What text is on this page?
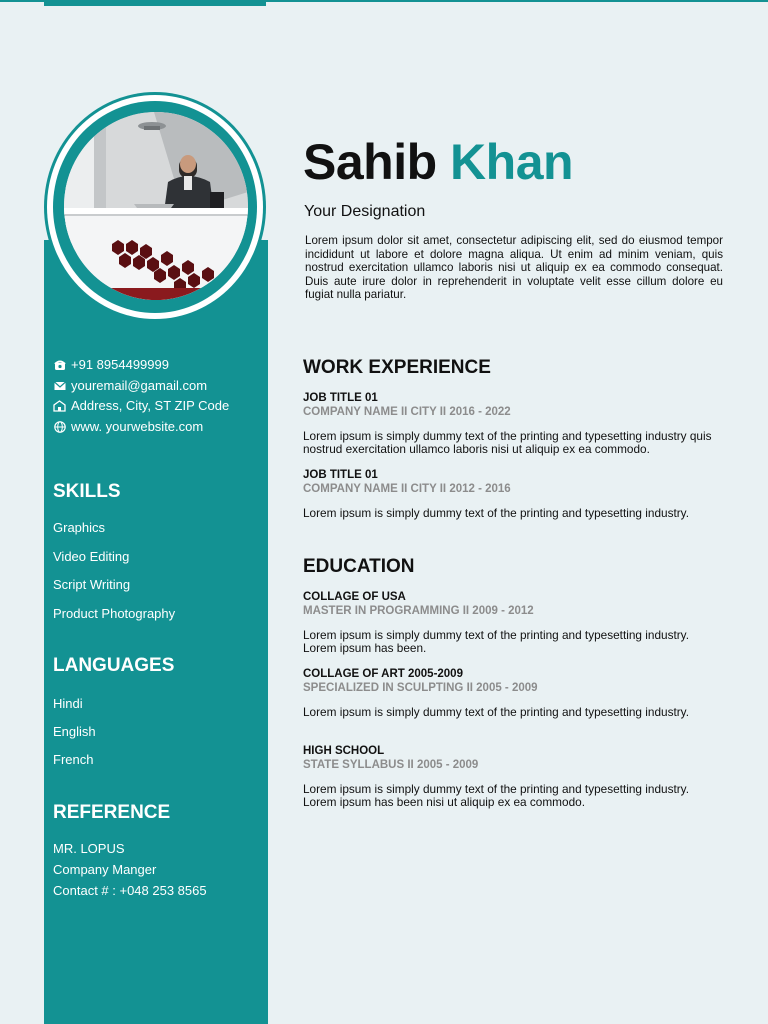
+91 8954499999
youremail@gamail.com
Address, City, ST ZIP Code
www. yourwebsite.com
SKILLS
Graphics
Video Editing
Script Writing
Product Photography
LANGUAGES
Hindi
English
French
REFERENCE
MR. LOPUS
Company Manger
Contact # : +048 253 8565
Sahib Khan
Your Designation
Lorem ipsum dolor sit amet, consectetur adipiscing elit, sed do eiusmod tempor incididunt ut labore et dolore magna aliqua. Ut enim ad minim veniam, quis nostrud exercitation ullamco laboris nisi ut aliquip ex ea commodo consequat. Duis aute irure dolor in reprehenderit in voluptate velit esse cillum dolore eu fugiat nulla pariatur.
WORK EXPERIENCE
JOB TITLE 01
COMPANY NAME II CITY II 2016 - 2022
Lorem ipsum is simply dummy text of the printing and typesetting industry quis nostrud exercitation ullamco laboris nisi ut aliquip ex ea commodo.
JOB TITLE 01
COMPANY NAME II CITY II 2012 - 2016
Lorem ipsum is simply dummy text of the printing and typesetting industry.
EDUCATION
COLLAGE OF USA
MASTER IN PROGRAMMING II 2009 - 2012
Lorem ipsum is simply dummy text of the printing and typesetting industry. Lorem ipsum has been.
COLLAGE OF ART 2005-2009
SPECIALIZED IN SCULPTING II 2005 - 2009
Lorem ipsum is simply dummy text of the printing and typesetting industry.
HIGH SCHOOL
STATE SYLLABUS II 2005 - 2009
Lorem ipsum is simply dummy text of the printing and typesetting industry. Lorem ipsum has been nisi ut aliquip ex ea commodo.
